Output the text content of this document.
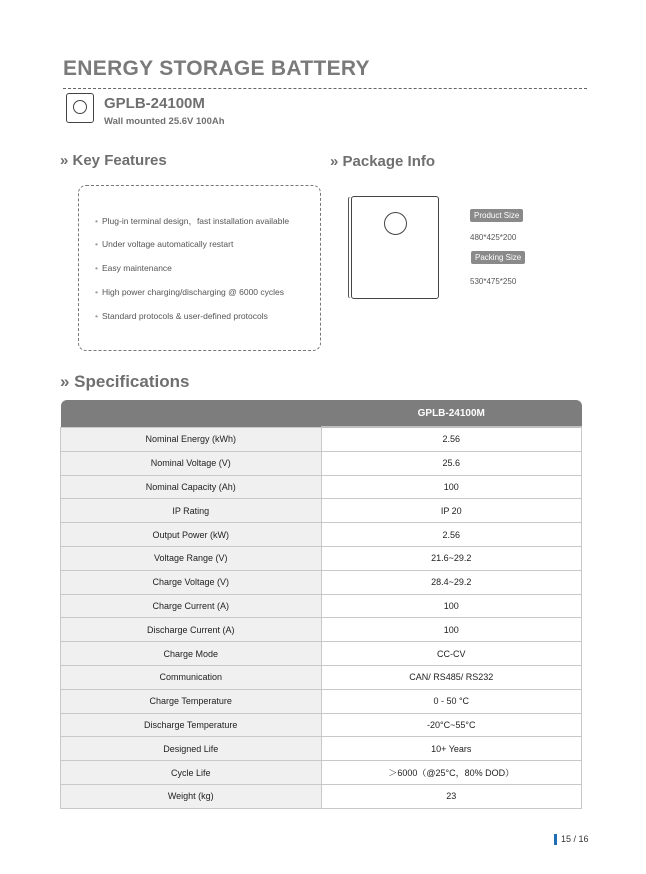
ENERGY STORAGE BATTERY
GPLB-24100M
Wall mounted 25.6V 100Ah
» Key Features	» Package Info
• Plug-in terminal design，fast installation available
• Under voltage automatically restart
• Easy maintenance
• High power charging/discharging @ 6000 cycles
• Standard protocols & user-defined protocols
Product Size
480*425*200
Packing Size
530*475*250
» Specifications
	GPLB-24100M
Nominal Energy (kWh)	2.56
Nominal Voltage (V)	25.6
Nominal Capacity (Ah)	100
IP Rating	IP 20
Output Power (kW)	2.56
Voltage Range (V)	21.6~29.2
Charge Voltage (V)	28.4~29.2
Charge Current (A)	100
Discharge Current (A)	100
Charge Mode	CC-CV
Communication	CAN/ RS485/ RS232
Charge Temperature	0 - 50 °C
Discharge Temperature	-20°C~55°C
Designed Life	10+ Years
Cycle Life	＞6000（@25°C，80% DOD）
Weight (kg)	23
15 / 16
